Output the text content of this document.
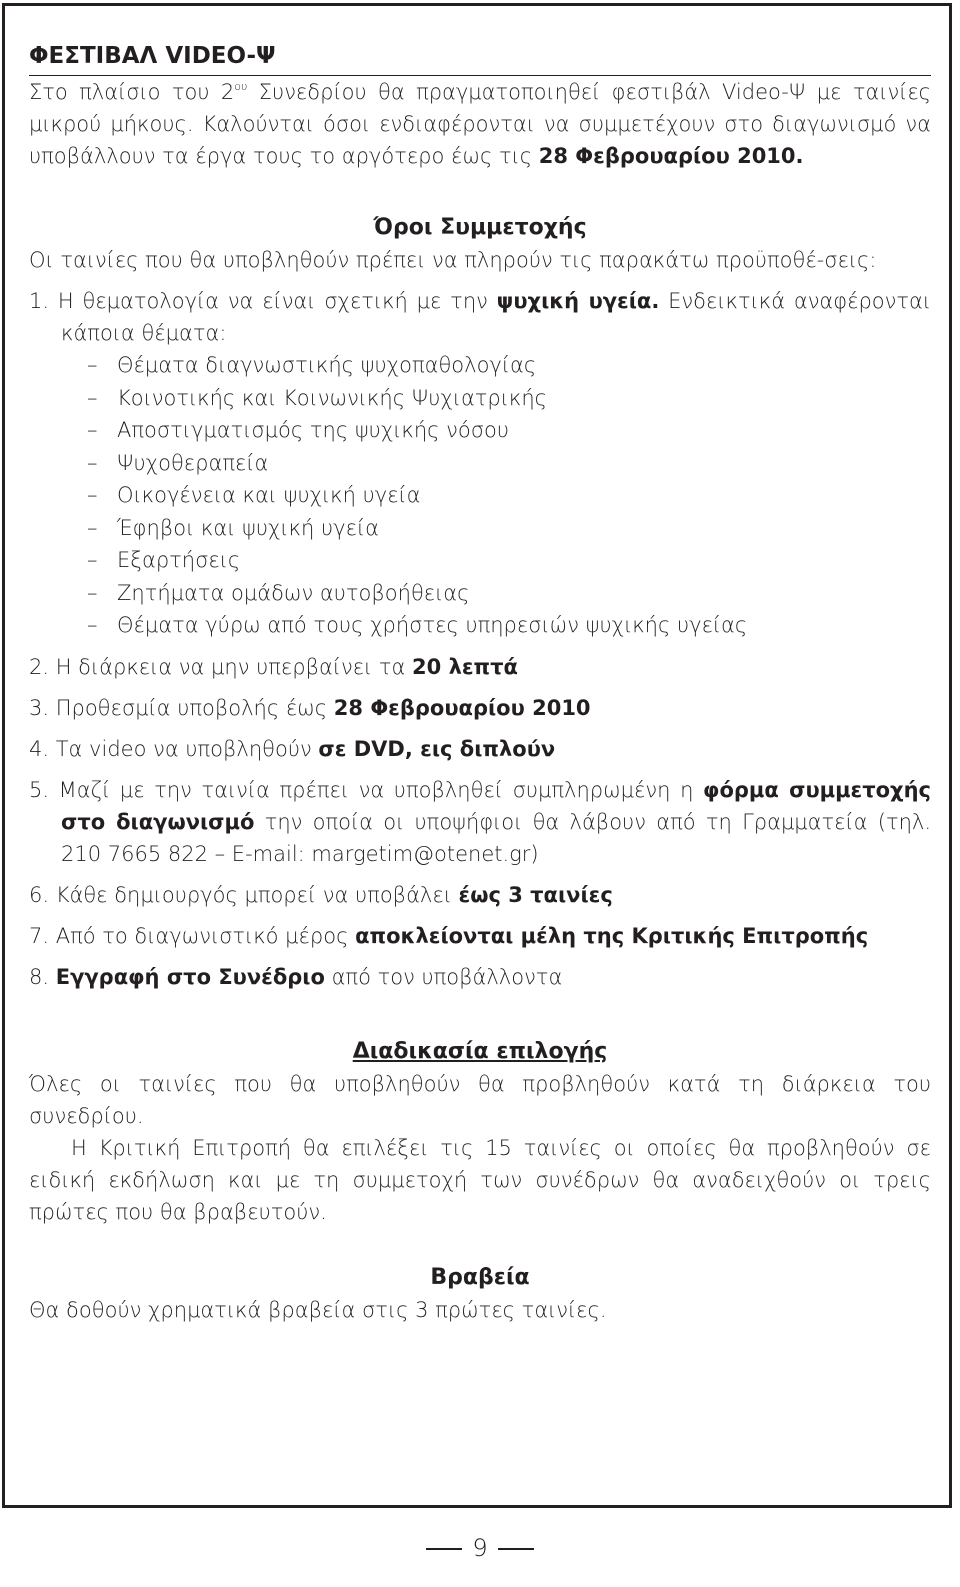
ΦΕΣΤΙΒΑΛ VIDEO-Ψ

Στο πλαίσιο του $2^{o\upsilon}$ Συνεδρίου θα πραγματοποιηθεί φεστιβάλ Video-Ψ με ταινίες μικρού μήκους. Καλούνται όσοι ενδιαφέρονται να συμμετέχουν στο διαγωνισμό να υποβάλλουν τα έργα τους το αργότερο έως τις 28 Φεβρουαρίου 2010.

Όροι Συμμετοχής

Οι ταινίες που θα υποβληθούν πρέπει να πληρούν τις παρακάτω προϋποθέ-σεις:

1. Η θεματολογία να είναι σχετική με την ψυχική υγεία. Ενδεικτικά αναφέρονται κάποια θέματα:
– Θέματα διαγνωστικής ψυχοπαθολογίας
– Κοινοτικής και Κοινωνικής Ψυχιατρικής
– Αποστιγματισμός της ψυχικής νόσου
– Ψυχοθεραπεία
– Οικογένεια και ψυχική υγεία
– Έφηβοι και ψυχική υγεία
– Εξαρτήσεις
– Ζητήματα ομάδων αυτοβοήθειας
– Θέματα γύρω από τους χρήστες υπηρεσιών ψυχικής υγείας
2. Η διάρκεια να μην υπερβαίνει τα 20 λεπτά
3. Προθεσμία υποβολής έως 28 Φεβρουαρίου 2010
4. Τα video να υποβληθούν σε DVD, εις διπλούν
5. Μαζί με την ταινία πρέπει να υποβληθεί συμπληρωμένη η φόρμα συμμετοχής στο διαγωνισμό την οποία οι υποψήφιοι θα λάβουν από τη Γραμματεία (τηλ. 210 7665 822 – E-mail: margetim@otenet.gr)
6. Κάθε δημιουργός μπορεί να υποβάλει έως 3 ταινίες
7. Από το διαγωνιστικό μέρος αποκλείονται μέλη της Κριτικής Επιτροπής
8. Εγγραφή στο Συνέδριο από τον υποβάλλοντα

Διαδικασία επιλογής

Όλες οι ταινίες που θα υποβληθούν θα προβληθούν κατά τη διάρκεια του συνεδρίου.

Η Κριτική Επιτροπή θα επιλέξει τις 15 ταινίες οι οποίες θα προβληθούν σε ειδική εκδήλωση και με τη συμμετοχή των συνέδρων θα αναδειχθούν οι τρεις πρώτες που θα βραβευτούν.

Βραβεία

Θα δοθούν χρηματικά βραβεία στις 3 πρώτες ταινίες.

9
